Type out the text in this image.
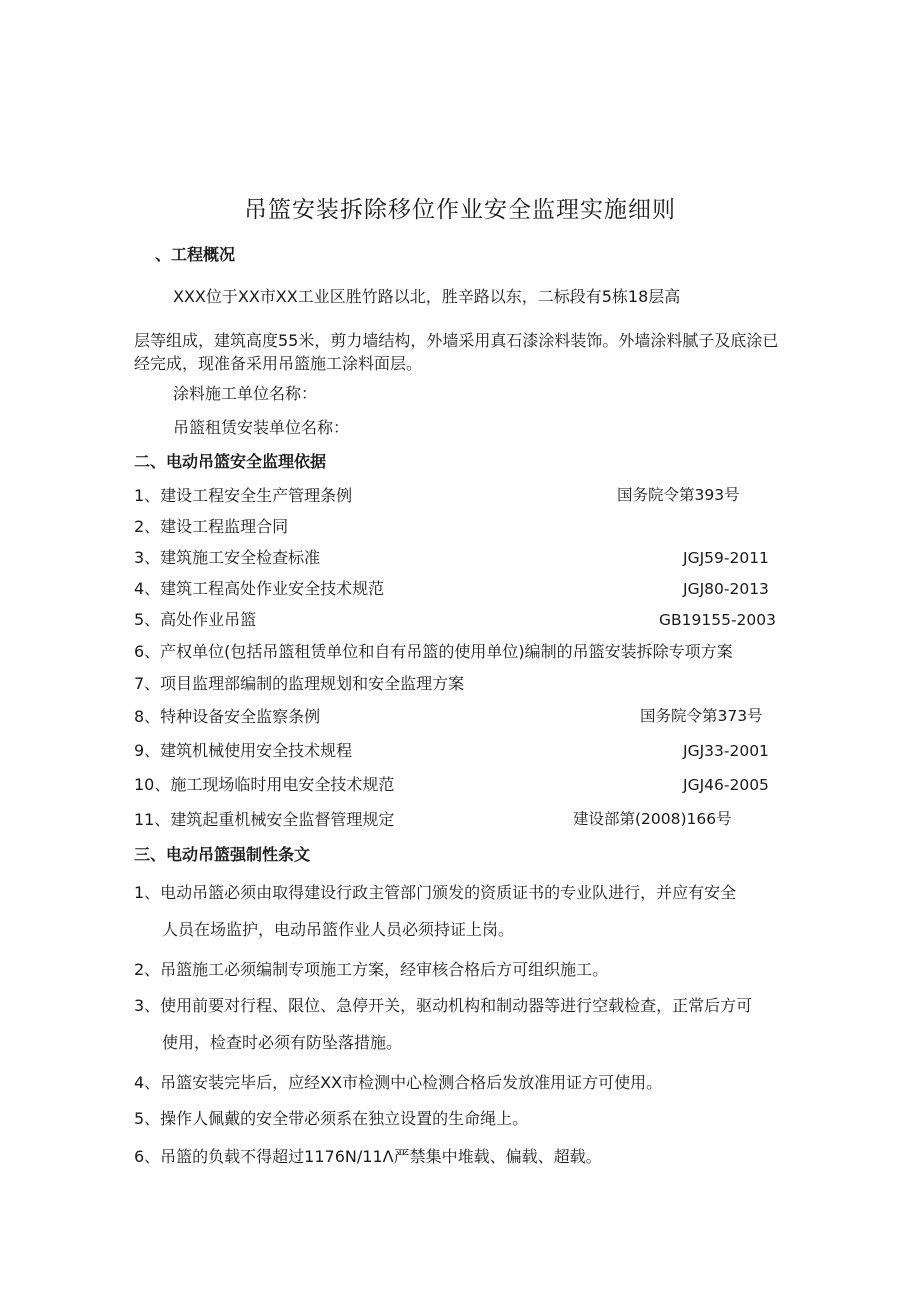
吊篮安装拆除移位作业安全监理实施细则
、工程概况
XXX位于XX市XX工业区胜竹路以北，胜辛路以东，二标段有5栋18层高
层等组成，建筑高度55米，剪力墙结构，外墙采用真石漆涂料装饰。外墙涂料腻子及底涂已经完成，现准备采用吊篮施工涂料面层。
涂料施工单位名称：
吊篮租赁安装单位名称：
二、电动吊篮安全监理依据
1、建设工程安全生产管理条例	国务院令第393号
2、建设工程监理合同
3、建筑施工安全检查标准	JGJ59-2011
4、建筑工程高处作业安全技术规范	JGJ80-2013
5、高处作业吊篮	GB19155-2003
6、产权单位(包括吊篮租赁单位和自有吊篮的使用单位)编制的吊篮安装拆除专项方案
7、项目监理部编制的监理规划和安全监理方案
8、特种设备安全监察条例	国务院令第373号
9、建筑机械使用安全技术规程	JGJ33-2001
10、施工现场临时用电安全技术规范	JGJ46-2005
11、建筑起重机械安全监督管理规定	建设部第(2008)166号
三、电动吊篮强制性条文
1、电动吊篮必须由取得建设行政主管部门颁发的资质证书的专业队进行，并应有安全
人员在场监护，电动吊篮作业人员必须持证上岗。
2、吊篮施工必须编制专项施工方案，经审核合格后方可组织施工。
3、使用前要对行程、限位、急停开关，驱动机构和制动器等进行空载检查，正常后方可
使用，检查时必须有防坠落措施。
4、吊篮安装完毕后，应经XX市检测中心检测合格后发放准用证方可使用。
5、操作人佩戴的安全带必须系在独立设置的生命绳上。
6、吊篮的负载不得超过1176N∕11Λ严禁集中堆载、偏载、超载。
